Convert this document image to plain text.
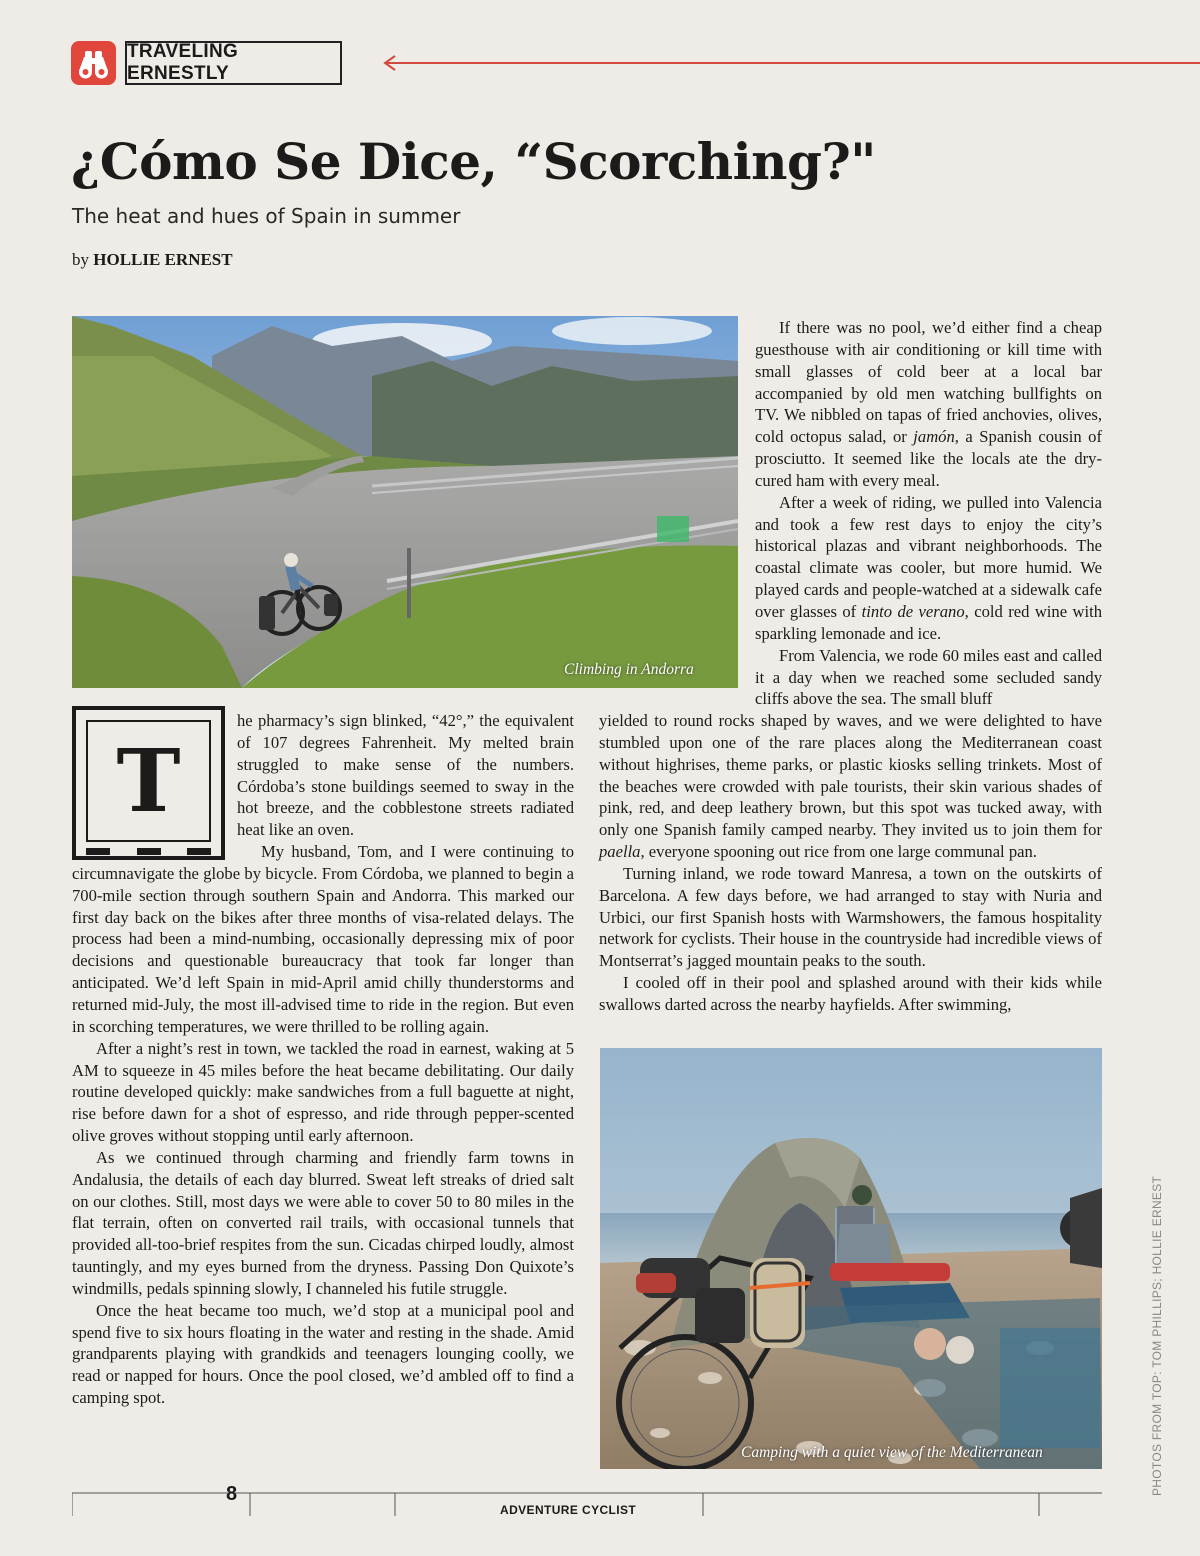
TRAVELING ERNESTLY
¿Cómo Se Dice, “Scorching?"
The heat and hues of Spain in summer
by HOLLIE ERNEST
Climbing in Andorra
Camping with a quiet view of the Mediterranean
T

he pharmacy’s sign blinked, “42°,” the equivalent of 107 degrees Fahrenheit. My melted brain struggled to make sense of the numbers. Córdoba’s stone buildings seemed to sway in the hot breeze, and the cobblestone streets radiated heat like an oven.

My husband, Tom, and I were continuing to circumnavigate the globe by bicycle. From Córdoba, we planned to begin a 700-mile section through southern Spain and Andorra. This marked our first day back on the bikes after three months of visa-related delays. The process had been a mind-numbing, occasionally depressing mix of poor decisions and questionable bureaucracy that took far longer than anticipated. We’d left Spain in mid-April amid chilly thunderstorms and returned mid-July, the most ill-advised time to ride in the region. But even in scorching temperatures, we were thrilled to be rolling again.

After a night’s rest in town, we tackled the road in earnest, waking at 5 AM to squeeze in 45 miles before the heat became debilitating. Our daily routine developed quickly: make sandwiches from a full baguette at night, rise before dawn for a shot of espresso, and ride through pepper-scented olive groves without stopping until early afternoon.

As we continued through charming and friendly farm towns in Andalusia, the details of each day blurred. Sweat left streaks of dried salt on our clothes. Still, most days we were able to cover 50 to 80 miles in the flat terrain, often on converted rail trails, with occasional tunnels that provided all-too-brief respites from the sun. Cicadas chirped loudly, almost tauntingly, and my eyes burned from the dryness. Passing Don Quixote’s windmills, pedals spinning slowly, I channeled his futile struggle.

Once the heat became too much, we’d stop at a municipal pool and spend five to six hours floating in the water and resting in the shade. Amid grandparents playing with grandkids and teenagers lounging coolly, we read or napped for hours. Once the pool closed, we’d ambled off to find a camping spot.

If there was no pool, we’d either find a cheap guesthouse with air conditioning or kill time with small glasses of cold beer at a local bar accompanied by old men watching bullfights on TV. We nibbled on tapas of fried anchovies, olives, cold octopus salad, or jamón, a Spanish cousin of prosciutto. It seemed like the locals ate the dry-cured ham with every meal.

After a week of riding, we pulled into Valencia and took a few rest days to enjoy the city’s historical plazas and vibrant neighborhoods. The coastal climate was cooler, but more humid. We played cards and people-watched at a sidewalk cafe over glasses of tinto de verano, cold red wine with sparkling lemonade and ice.

From Valencia, we rode 60 miles east and called it a day when we reached some secluded sandy cliffs above the sea. The small bluff

yielded to round rocks shaped by waves, and we were delighted to have stumbled upon one of the rare places along the Mediterranean coast without highrises, theme parks, or plastic kiosks selling trinkets. Most of the beaches were crowded with pale tourists, their skin various shades of pink, red, and deep leathery brown, but this spot was tucked away, with only one Spanish family camped nearby. They invited us to join them for paella, everyone spooning out rice from one large communal pan.

Turning inland, we rode toward Manresa, a town on the outskirts of Barcelona. A few days before, we had arranged to stay with Nuria and Urbici, our first Spanish hosts with Warmshowers, the famous hospitality network for cyclists. Their house in the countryside had incredible views of Montserrat’s jagged mountain peaks to the south.

I cooled off in their pool and splashed around with their kids while swallows darted across the nearby hayfields. After swimming,

8
ADVENTURE CYCLIST
PHOTOS FROM TOP: TOM PHILLIPS; HOLLIE ERNEST
